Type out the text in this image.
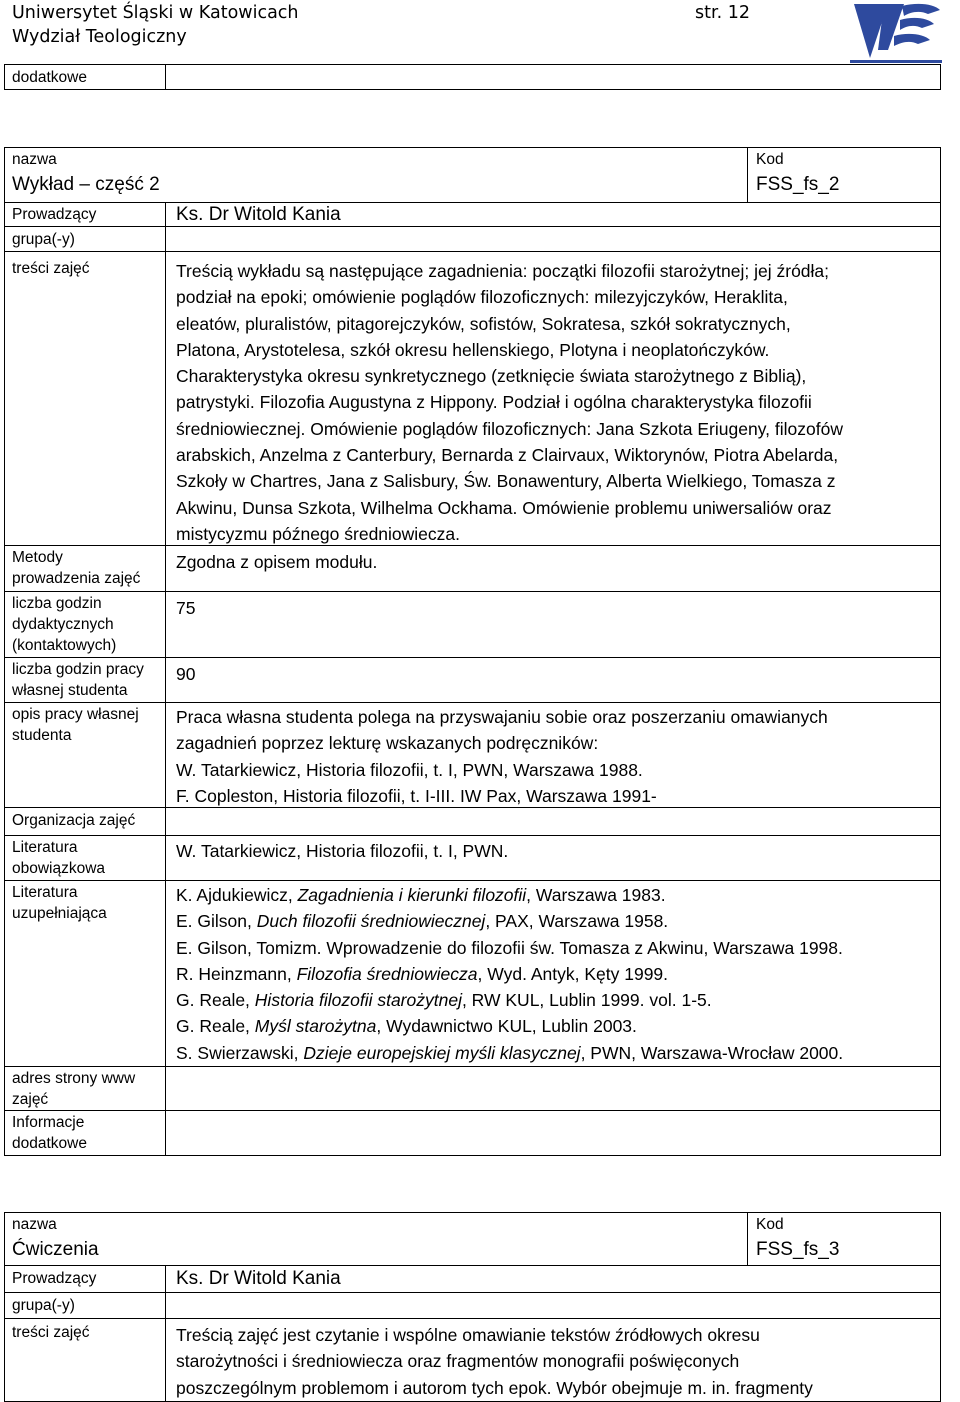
Uniwersytet Śląski w Katowicach
Wydział Teologiczny
str. 12
dodatkowe
nazwa
Wykład – część 2
Kod
FSS_fs_2
Prowadzący
grupa(-y)
treści zajęć
Metody
prowadzenia zajęć
liczba godzin
dydaktycznych
(kontaktowych)
liczba godzin pracy
własnej studenta
opis pracy własnej
studenta
Organizacja zajęć
Literatura
obowiązkowa
Literatura
uzupełniająca
adres strony www
zajęć
Informacje
dodatkowe
Ks. Dr Witold Kania
Treścią wykładu są następujące zagadnienia: początki filozofii starożytnej; jej źródła;
podział na epoki; omówienie poglądów filozoficznych: milezyjczyków, Heraklita,
eleatów, pluralistów, pitagorejczyków, sofistów, Sokratesa, szkół sokratycznych,
Platona, Arystotelesa, szkół okresu hellenskiego, Plotyna i neoplatończyków.
Charakterystyka okresu synkretycznego (zetknięcie świata starożytnego z Biblią),
patrystyki. Filozofia Augustyna z Hippony. Podział i ogólna charakterystyka filozofii
średniowiecznej. Omówienie poglądów filozoficznych: Jana Szkota Eriugeny, filozofów
arabskich, Anzelma z Canterbury, Bernarda z Clairvaux, Wiktorynów, Piotra Abelarda,
Szkoły w Chartres, Jana z Salisbury, Św. Bonawentury, Alberta Wielkiego, Tomasza z
Akwinu, Dunsa Szkota, Wilhelma Ockhama. Omówienie problemu uniwersaliów oraz
mistycyzmu późnego średniowiecza.
Zgodna z opisem modułu.
75
90
Praca własna studenta polega na przyswajaniu sobie oraz poszerzaniu omawianych
zagadnień poprzez lekturę wskazanych podręczników:
W. Tatarkiewicz, Historia filozofii, t. I, PWN, Warszawa 1988.
F. Copleston, Historia filozofii, t. I-III. IW Pax, Warszawa 1991-
W. Tatarkiewicz, Historia filozofii, t. I, PWN.
K. Ajdukiewicz, Zagadnienia i kierunki filozofii, Warszawa 1983.
E. Gilson, Duch filozofii średniowiecznej, PAX, Warszawa 1958.
E. Gilson, Tomizm. Wprowadzenie do filozofii św. Tomasza z Akwinu, Warszawa 1998.
R. Heinzmann, Filozofia średniowiecza, Wyd. Antyk, Kęty 1999.
G. Reale, Historia filozofii starożytnej, RW KUL, Lublin 1999. vol. 1-5.
G. Reale, Myśl starożytna, Wydawnictwo KUL, Lublin 2003.
S. Swierzawski, Dzieje europejskiej myśli klasycznej, PWN, Warszawa-Wrocław 2000.
nazwa
Ćwiczenia
Kod
FSS_fs_3
Prowadzący
grupa(-y)
treści zajęć
Ks. Dr Witold Kania
Treścią zajęć jest czytanie i wspólne omawianie tekstów źródłowych okresu
starożytności i średniowiecza oraz fragmentów monografii poświęconych
poszczególnym problemom i autorom tych epok. Wybór obejmuje m. in. fragmenty
